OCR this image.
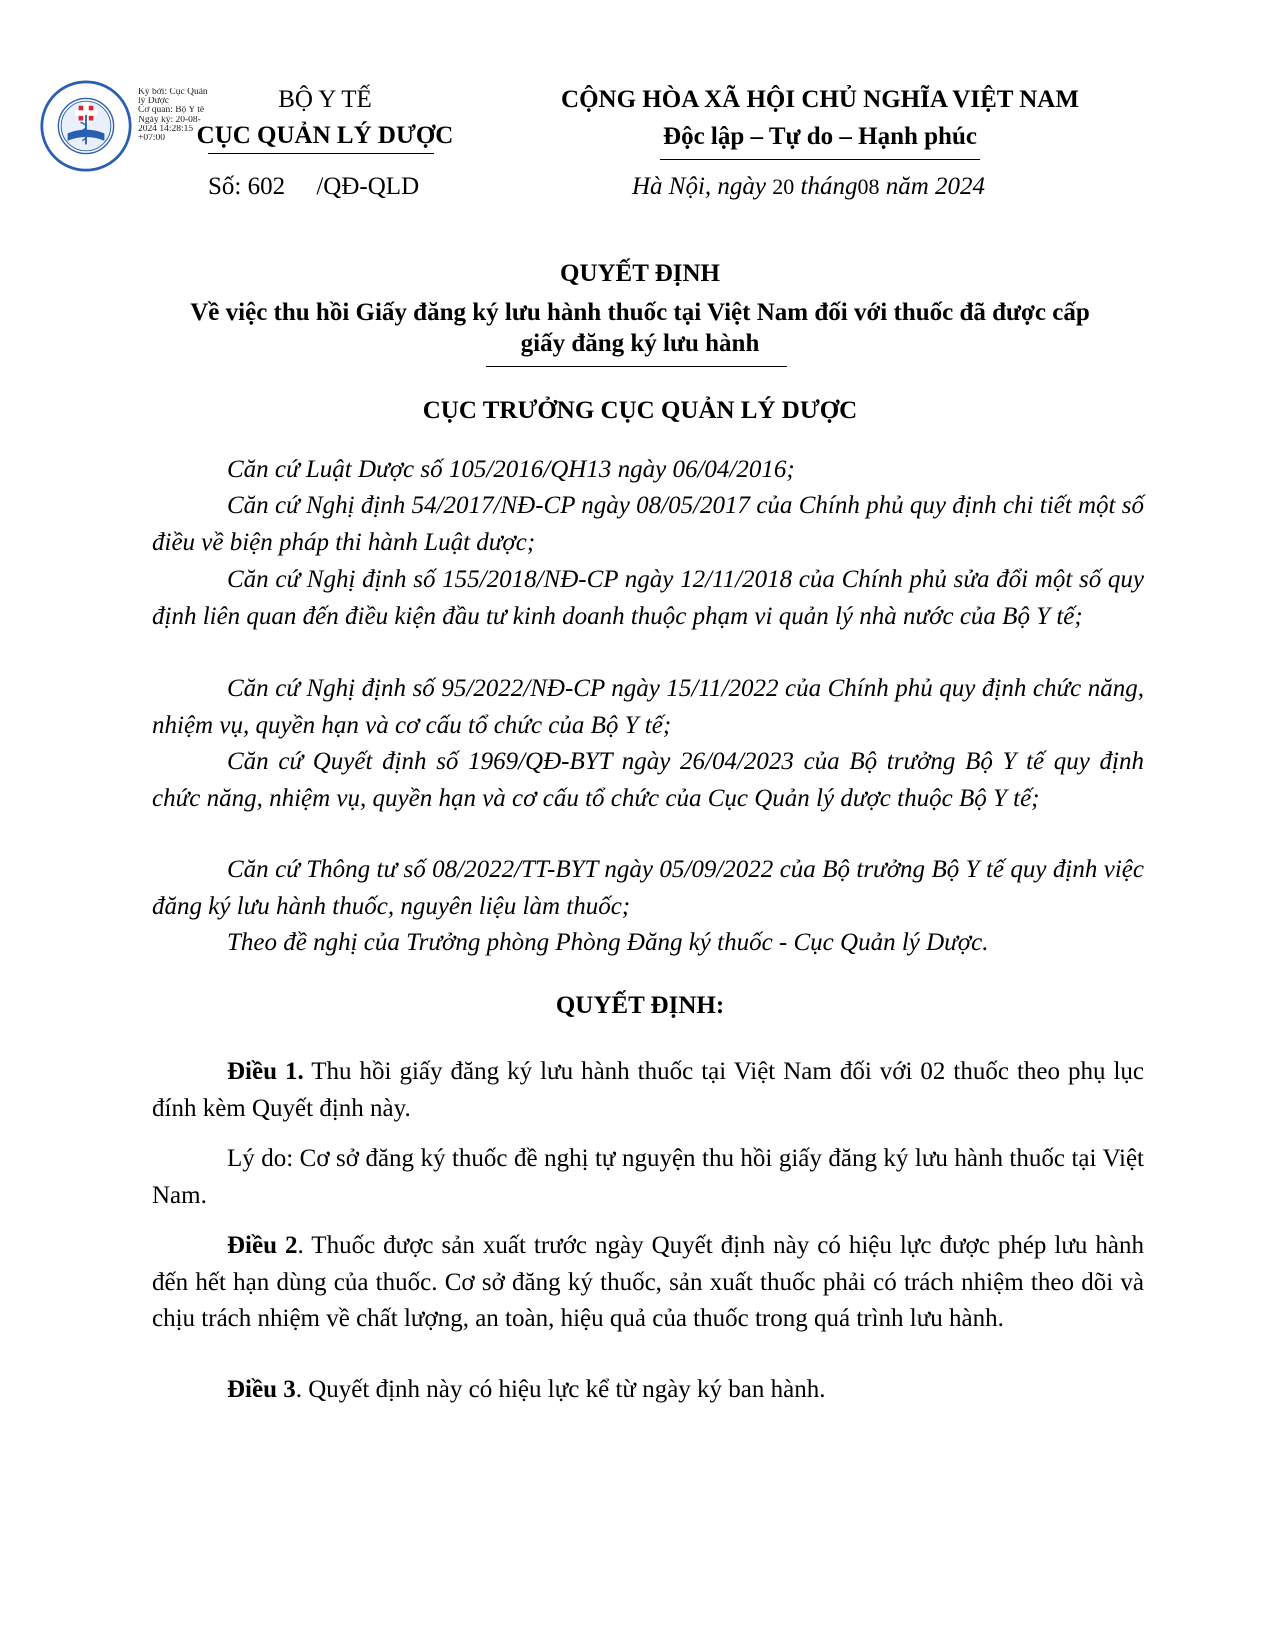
Ký bởi: Cục Quản
lý Dược
Cơ quan: Bộ Y tế
Ngày ký: 20-08-
2024 14:28:15
+07:00
BỘ Y TẾ
CỤC QUẢN LÝ DƯỢC
CỘNG HÒA XÃ HỘI CHỦ NGHĨA VIỆT NAM
Độc lập – Tự do – Hạnh phúc
Số: 602 /QĐ-QLD	Hà Nội, ngày 20 tháng08 năm 2024
QUYẾT ĐỊNH
Về việc thu hồi Giấy đăng ký lưu hành thuốc tại Việt Nam đối với thuốc đã được cấp
giấy đăng ký lưu hành
CỤC TRƯỞNG CỤC QUẢN LÝ DƯỢC
Căn cứ Luật Dược số 105/2016/QH13 ngày 06/04/2016;
Căn cứ Nghị định 54/2017/NĐ-CP ngày 08/05/2017 của Chính phủ quy định chi tiết một số điều về biện pháp thi hành Luật dược;
Căn cứ Nghị định số 155/2018/NĐ-CP ngày 12/11/2018 của Chính phủ sửa đổi một số quy định liên quan đến điều kiện đầu tư kinh doanh thuộc phạm vi quản lý nhà nước của Bộ Y tế;
Căn cứ Nghị định số 95/2022/NĐ-CP ngày 15/11/2022 của Chính phủ quy định chức năng, nhiệm vụ, quyền hạn và cơ cấu tổ chức của Bộ Y tế;
Căn cứ Quyết định số 1969/QĐ-BYT ngày 26/04/2023 của Bộ trưởng Bộ Y tế quy định chức năng, nhiệm vụ, quyền hạn và cơ cấu tổ chức của Cục Quản lý dược thuộc Bộ Y tế;
Căn cứ Thông tư số 08/2022/TT-BYT ngày 05/09/2022 của Bộ trưởng Bộ Y tế quy định việc đăng ký lưu hành thuốc, nguyên liệu làm thuốc;
Theo đề nghị của Trưởng phòng Phòng Đăng ký thuốc - Cục Quản lý Dược.
QUYẾT ĐỊNH:
Điều 1. Thu hồi giấy đăng ký lưu hành thuốc tại Việt Nam đối với 02 thuốc theo phụ lục đính kèm Quyết định này.
Lý do: Cơ sở đăng ký thuốc đề nghị tự nguyện thu hồi giấy đăng ký lưu hành thuốc tại Việt Nam.
Điều 2. Thuốc được sản xuất trước ngày Quyết định này có hiệu lực được phép lưu hành đến hết hạn dùng của thuốc. Cơ sở đăng ký thuốc, sản xuất thuốc phải có trách nhiệm theo dõi và chịu trách nhiệm về chất lượng, an toàn, hiệu quả của thuốc trong quá trình lưu hành.
Điều 3. Quyết định này có hiệu lực kể từ ngày ký ban hành.
